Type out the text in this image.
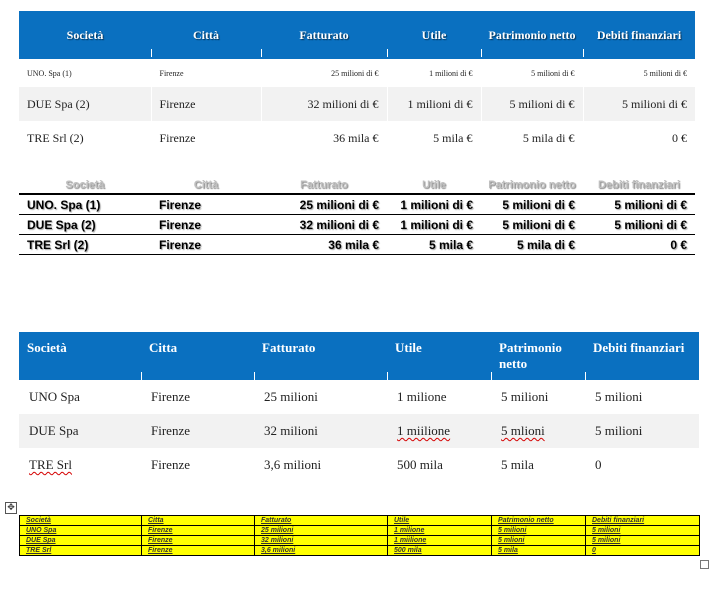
Società	Città	Fatturato	Utile	Patrimonio netto	Debiti finanziari
UNO. Spa (1)	Firenze	25 milioni di €	1 milioni di €	5 milioni di €	5 milioni di €
DUE Spa (2)	Firenze	32 milioni di €	1 milioni di €	5 milioni di €	5 milioni di €
TRE Srl (2)	Firenze	36 mila €	5 mila €	5 mila di €	0 €
Società	Città	Fatturato	Utile	Patrimonio netto	Debiti finanziari
UNO. Spa (1)	Firenze	25 milioni di €	1 milioni di €	5 milioni di €	5 milioni di €
DUE Spa (2)	Firenze	32 milioni di €	1 milioni di €	5 milioni di €	5 milioni di €
TRE Srl (2)	Firenze	36 mila €	5 mila €	5 mila di €	0 €
Società	Citta	Fatturato	Utile	Patrimonio netto	Debiti finanziari
UNO Spa	Firenze	25 milioni	1 milione	5 milioni	5 milioni
DUE Spa	Firenze	32 milioni	1 miilione	5 mlioni	5 milioni
TRE Srl	Firenze	3,6 milioni	500 mila	5 mila	0
✥
Società	Citta	Fatturato	Utile	Patrimonio netto	Debiti finanziari
UNO Spa	Firenze	25 milioni	1 milione	5 milioni	5 milioni
DUE Spa	Firenze	32 milioni	1 miilione	5 mlioni	5 milioni
TRE Srl	Firenze	3,6 milioni	500 mila	5 mila	0
